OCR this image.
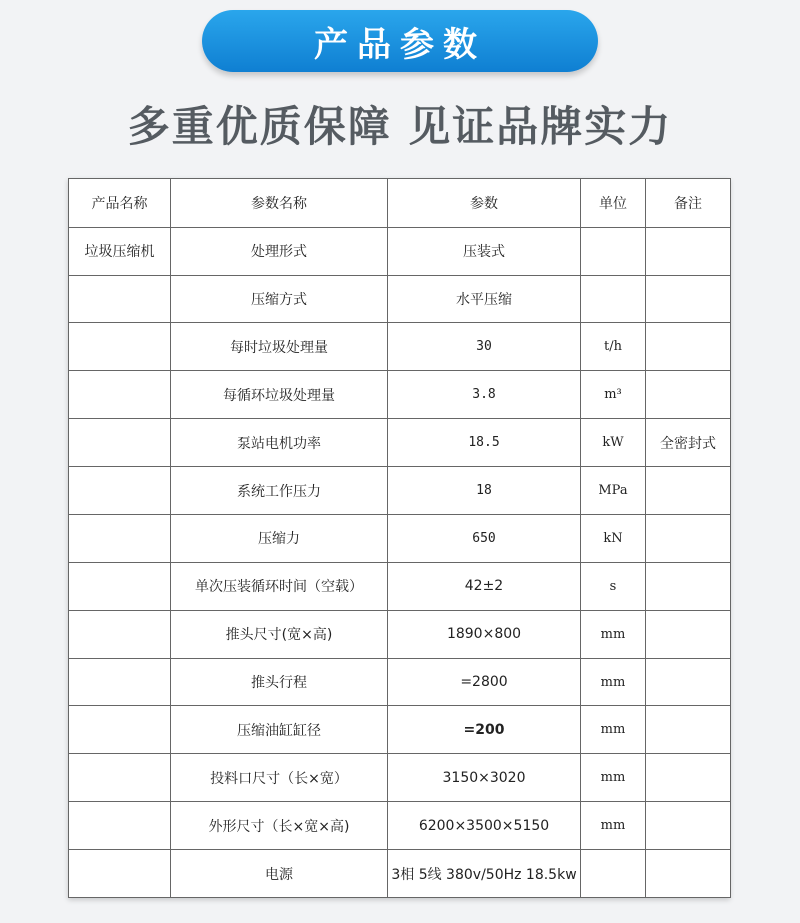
产品参数
多重优质保障 见证品牌实力
产品名称	参数名称	参数	单位	备注
垃圾压缩机	处理形式	压装式		
	压缩方式	水平压缩		
	每时垃圾处理量	30	t/h	
	每循环垃圾处理量	3.8	m³	
	泵站电机功率	18.5	kW	全密封式
	系统工作压力	18	MPa	
	压缩力	650	kN	
	单次压装循环时间（空载）	42±2	s	
	推头尺寸(宽×高)	1890×800	mm	
	推头行程	=2800	mm	
	压缩油缸缸径	=200	mm	
	投料口尺寸（长×宽）	3150×3020	mm	
	外形尺寸（长×宽×高)	6200×3500×5150	mm	
	电源	3相 5线 380v/50Hz 18.5kw		
